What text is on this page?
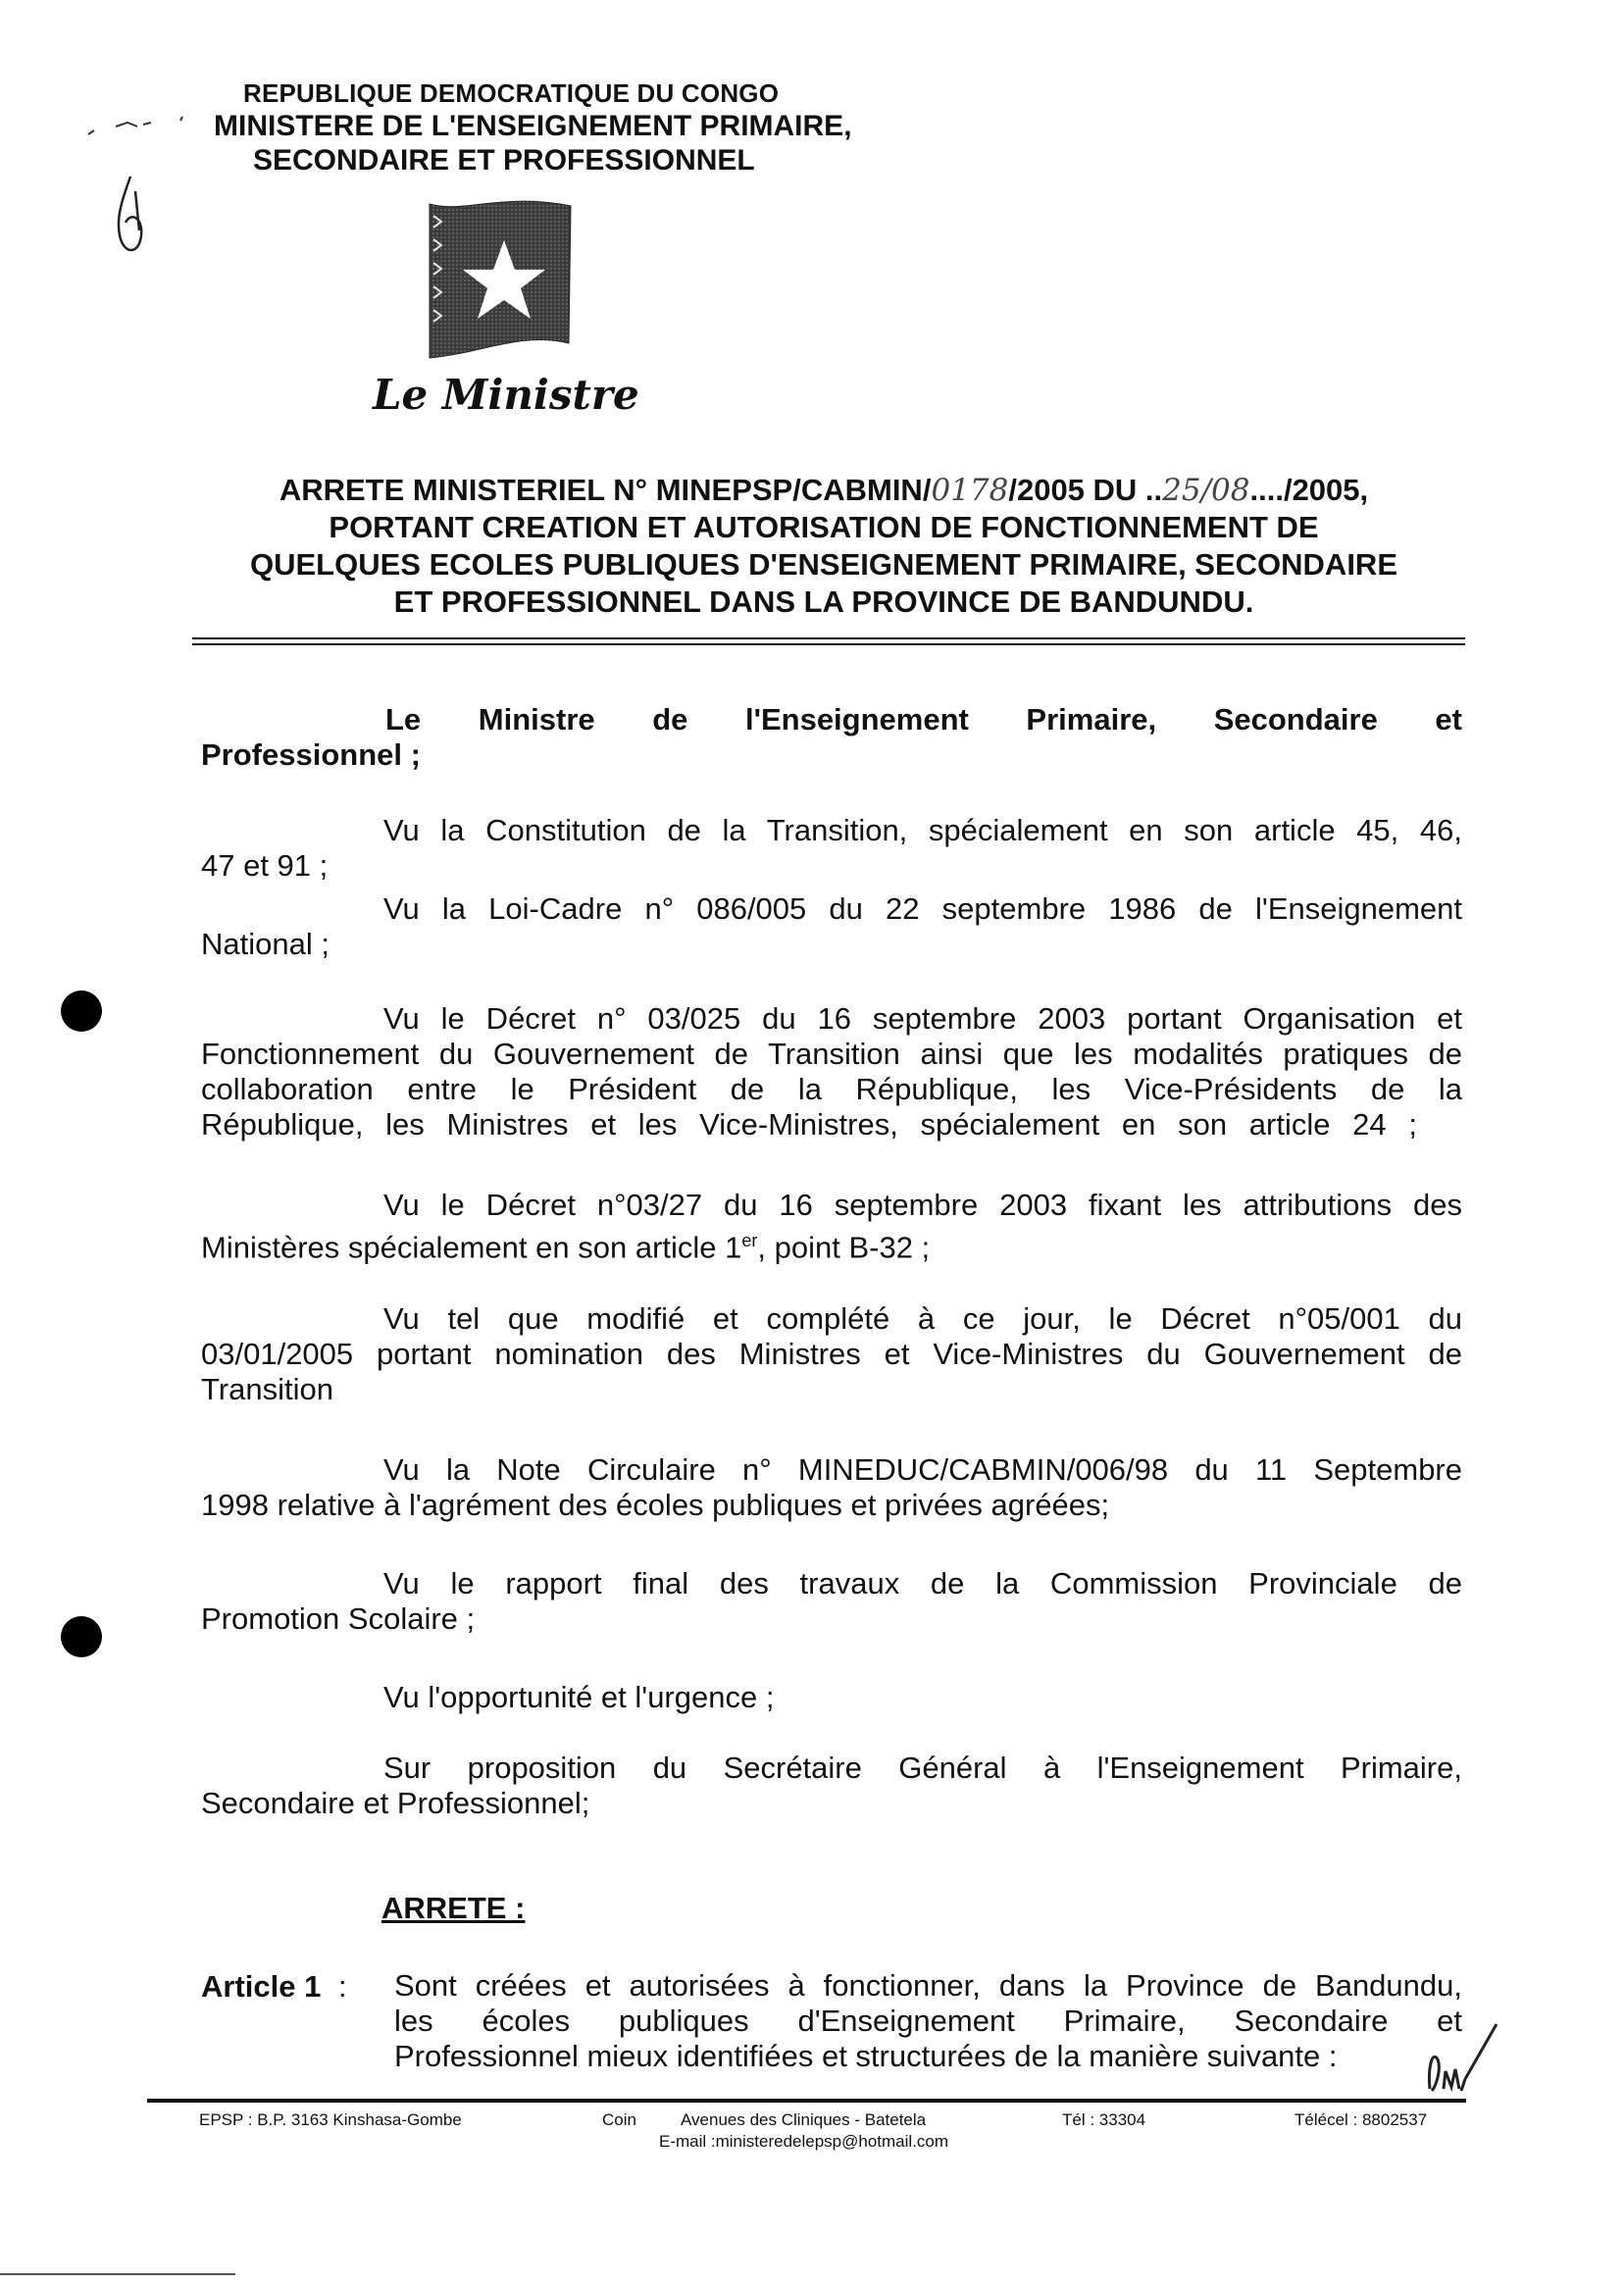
REPUBLIQUE DEMOCRATIQUE DU CONGO
MINISTERE DE L'ENSEIGNEMENT PRIMAIRE,
SECONDAIRE ET PROFESSIONNEL
Le Ministre
ARRETE MINISTERIEL N° MINEPSP/CABMIN/0178/2005 DU ..25/08..../2005,
PORTANT CREATION ET AUTORISATION DE FONCTIONNEMENT DE
QUELQUES ECOLES PUBLIQUES D'ENSEIGNEMENT PRIMAIRE, SECONDAIRE
ET PROFESSIONNEL DANS LA PROVINCE DE BANDUNDU.
Le Ministre de l'Enseignement Primaire, Secondaire et
Professionnel ;
Vu la Constitution de la Transition, spécialement en son article 45, 46,
47 et 91 ;
Vu la Loi-Cadre n° 086/005 du 22 septembre 1986 de l'Enseignement
National ;
Vu le Décret n° 03/025 du 16 septembre 2003 portant Organisation et
Fonctionnement du Gouvernement de Transition ainsi que les modalités pratiques de
collaboration entre le Président de la République, les Vice-Présidents de la
République, les Ministres et les Vice-Ministres, spécialement en son article 24 ;
Vu le Décret n°03/27 du 16 septembre 2003 fixant les attributions des
Ministères spécialement en son article 1er, point B-32 ;
Vu tel que modifié et complété à ce jour, le Décret n°05/001 du
03/01/2005 portant nomination des Ministres et Vice-Ministres du Gouvernement de
Transition
Vu la Note Circulaire n° MINEDUC/CABMIN/006/98 du 11 Septembre
1998 relative à l'agrément des écoles publiques et privées agréées;
Vu le rapport final des travaux de la Commission Provinciale de
Promotion Scolaire ;
Vu l'opportunité et l'urgence ;
Sur proposition du Secrétaire Général à l'Enseignement Primaire,
Secondaire et Professionnel;
ARRETE :
Article 1 : Sont créées et autorisées à fonctionner, dans la Province de Bandundu,
les écoles publiques d'Enseignement Primaire, Secondaire et
Professionnel mieux identifiées et structurées de la manière suivante :
EPSP : B.P. 3163 Kinshasa-Gombe	Coin	Avenues des Cliniques - Batetela	Tél : 33304	Télécel : 8802537
E-mail :ministeredelepsp@hotmail.com
